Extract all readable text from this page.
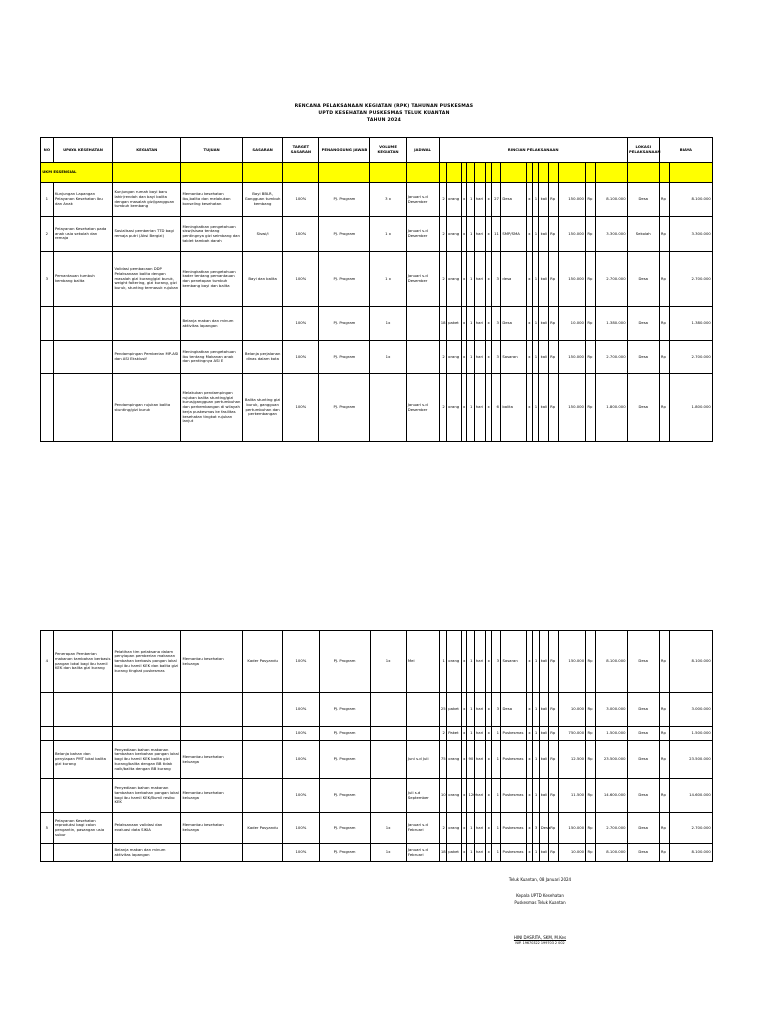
RENCANA PELAKSANAAN KEGIATAN (RPK) TAHUNAN PUSKESMAS
UPTD KESEHATAN PUSKESMAS TELUK KUANTAN
TAHUN 2024
NO	UPAYA KESEHATAN	KEGIATAN	TUJUAN	SASARAN	TARGET SASARAN	PENANGGUNG JAWAB	VOLUME KEGIATAN	JADWAL	RINCIAN PELAKSANAAN															LOKASI PELAKSANAAN	BIAYA	
UKM ESSENSIAL																										
1	Kunjungan Lapangan Pelayanan Kesehatan Ibu dan Anak	Kunjungan rumah bayi baru lahir/rendah dan bayi balita dengan masalah gizi/gangguan tumbuh kembang	Memantau kesehatan ibu,balita dan melakukan konseling kesehatan	Bayi BBLR, Gangguan tumbuh kembang	100%	PJ. Program	3 x	Januari s.d Desember	2	orang	x	1	hari	x	27	Desa	x	1	kali	Rp	150.000	Rp	8.100.000	Desa	Rp	8.100.000
2	Pelayanan Kesehatan pada anak usia sekolah dan remaja	Sosialisasi pemberian TTD bagi remaja putri (Aksi Bergizi)	Meningkatkan pengetahuan siswi/siswa tentang pentingnya gizi seimbang dan tablet tambah darah	Siswi/i	100%	PJ. Program	1 x	Januari s.d Desember	2	orang	x	1	hari	x	11	SMP/SMA	x	1	kali	Rp	150.000	Rp	3.300.000	Sekolah	Rp	3.300.000
3	Pemantauan tumbuh kembang balita	Validasi pembacaan DDP Pelaksanaan balita dengan masalah gizi kurang/gizi buruk, weight faltering, gizi kurang, gizi buruk, stunting termasuk rujukan	Meningkatkan pengetahuan kader tentang pemantauan dan penetapan tumbuh kembang bayi dan balita	Bayi dan balita	100%	PJ. Program	1 x	Januari s.d Desember	2	orang	x	1	hari	x	3	desa	x	1	kali	Rp	150.000	Rp	2.700.000	Desa	Rp	2.700.000
			Belanja makan dan minum aktivitas lapangan		100%	PJ. Program	1x		18	paket	x	1	hari	x	3	Desa	x	1	kali	Rp	10.000	Rp	1.380.000	Desa	Rp	1.380.000
		Pendampingan Pemberian MP-ASI dan ASI Eksklusif	Meningkatkan pengetahuan ibu tentang Makanan anak dan pentingnya ASI E	Belanja perjalanan dinas dalam kota	100%	PJ. Program	1x		2	orang	x	1	hari	x	3	Sasaran	x	1	kali	Rp	150.000	Rp	2.700.000	Desa	Rp	2.700.000
		Pendampingan rujukan balita stunting/gizi buruk	Melakukan pendampingan rujukan balita stunting/gizi kurus/gangguan pertumbuhan dan perkembangan di wilayah kerja puskesmas ke fasilitas kesehatan tingkat rujukan lanjut	Balita stunting gizi buruk, gangguan pertumbuhan dan perkembangan	100%	PJ. Program		Januari s.d Desember	2	orang	x	1	hari	x	6	balita	x	1	kali	Rp	150.000	Rp	1.800.000	Desa	Rp	1.800.000
4	Penerapan Pemberian makanan tambahan berbasis pangan lokal bagi ibu hamil KEK dan balita gizi kurang	Pelatihan tim pelaksana dalam penyiapan pemberian makanan tambahan berbasis pangan lokal bagi ibu hamil KEK dan balita gizi kurang tingkat puskesmas	Memantau kesehatan keluarga	Kader Posyandu	100%	PJ. Program	1x	Mei	1	orang	x	1	hari	x	3	Sasaran	x	1	kali	Rp	150.000	Rp	8.100.000	Desa	Rp	8.100.000
					100%	PJ. Program			25	paket	x	1	hari	x	3	Desa	x	1	kali	Rp	10.000	Rp	3.000.000	Desa	Rp	3.000.000
					100%	PJ. Program			2	Paket	x	1	hari	x	1	Puskesmas	x	1	kali	Rp	750.000	Rp	1.500.000	Desa	Rp	1.500.000
	Belanja bahan dan penyiapan PMT lokal balita gizi kurang	Penyediaan bahan makanan tambahan berbahan pangan lokal bagi ibu hamil KEK balita gizi kurang/balita dengan BB tidak naik/balita dengan BB kurang	Memantau kesehatan keluarga		100%	PJ. Program		Juni s.d Juli	75	orang	x	90	hari	x	1	Puskesmas	x	1	kali	Rp	12.500	Rp	23.500.000	Desa	Rp	23.500.000
		Penyediaan bahan makanan tambahan berbahan pangan lokal bagi ibu hamil KEK/Bumil resiko KEK	Memantau kesehatan keluarga		100%	PJ. Program		Juli s.d September	10	orang	x	120	hari	x	1	Puskesmas	x	1	kali	Rp	11.500	Rp	14.600.000	Desa	Rp	14.600.000
5	Pelayanan Kesehatan reproduksi bagi calon pengantin, pasangan usia subur	Pelaksanaan validasi dan evaluasi data SIKIA	Memantau kesehatan keluarga	Kader Posyandu	100%	PJ. Program	1x	Januari s.d Februari	2	orang	x	1	hari	x	1	Puskesmas	x	3	Desa	Rp	150.000	Rp	2.700.000	Desa	Rp	2.700.000
		Belanja makan dan minum aktivitas lapangan			100%	PJ. Program	1x	Januari s.d Februari	18	paket	x	1	hari	x	1	Puskesmas	x	1	kali	Rp	10.000	Rp	8.100.000	Desa	Rp	8.100.000
Teluk Kuantan, 08 Januari 2024
Kepala UPTD Kesehatan
Puskesmas Teluk Kuantan
HINI DASRITA, SKM, M.Kes
NIP. 19670322 199703 2 002
